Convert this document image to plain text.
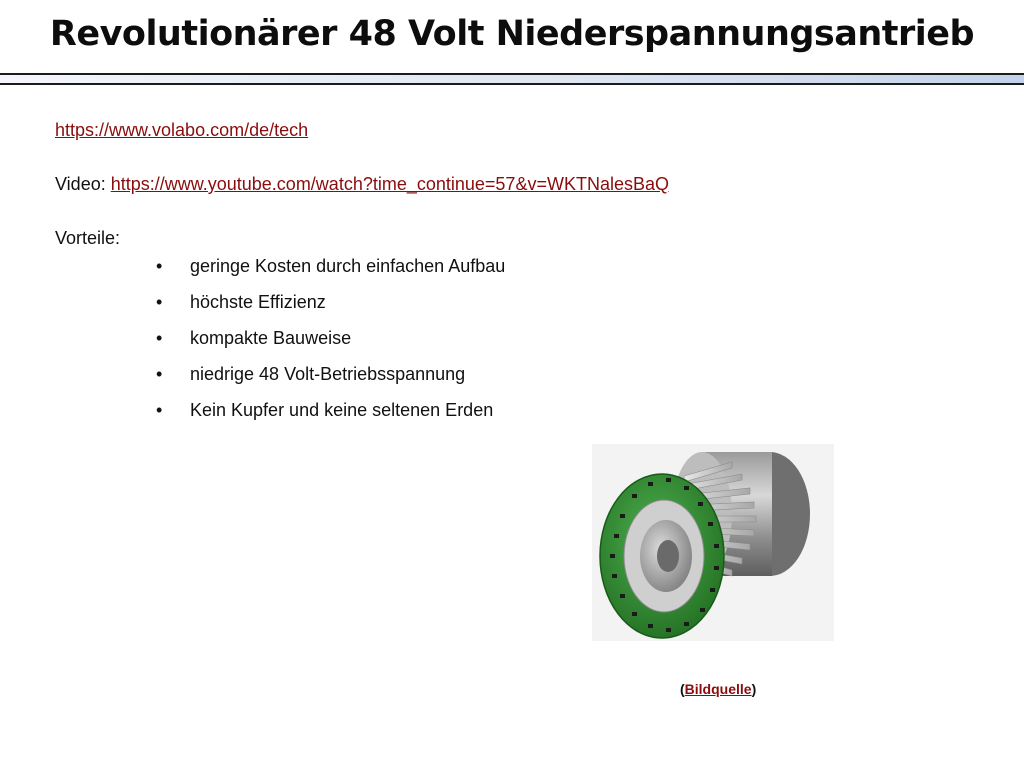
Revolutionärer 48 Volt Niederspannungsantrieb
https://www.volabo.com/de/tech
Video: https://www.youtube.com/watch?time_continue=57&v=WKTNalesBaQ
Vorteile:
• geringe Kosten durch einfachen Aufbau
• höchste Effizienz
• kompakte Bauweise
• niedrige 48 Volt-Betriebsspannung
• Kein Kupfer und keine seltenen Erden
(Bildquelle)
